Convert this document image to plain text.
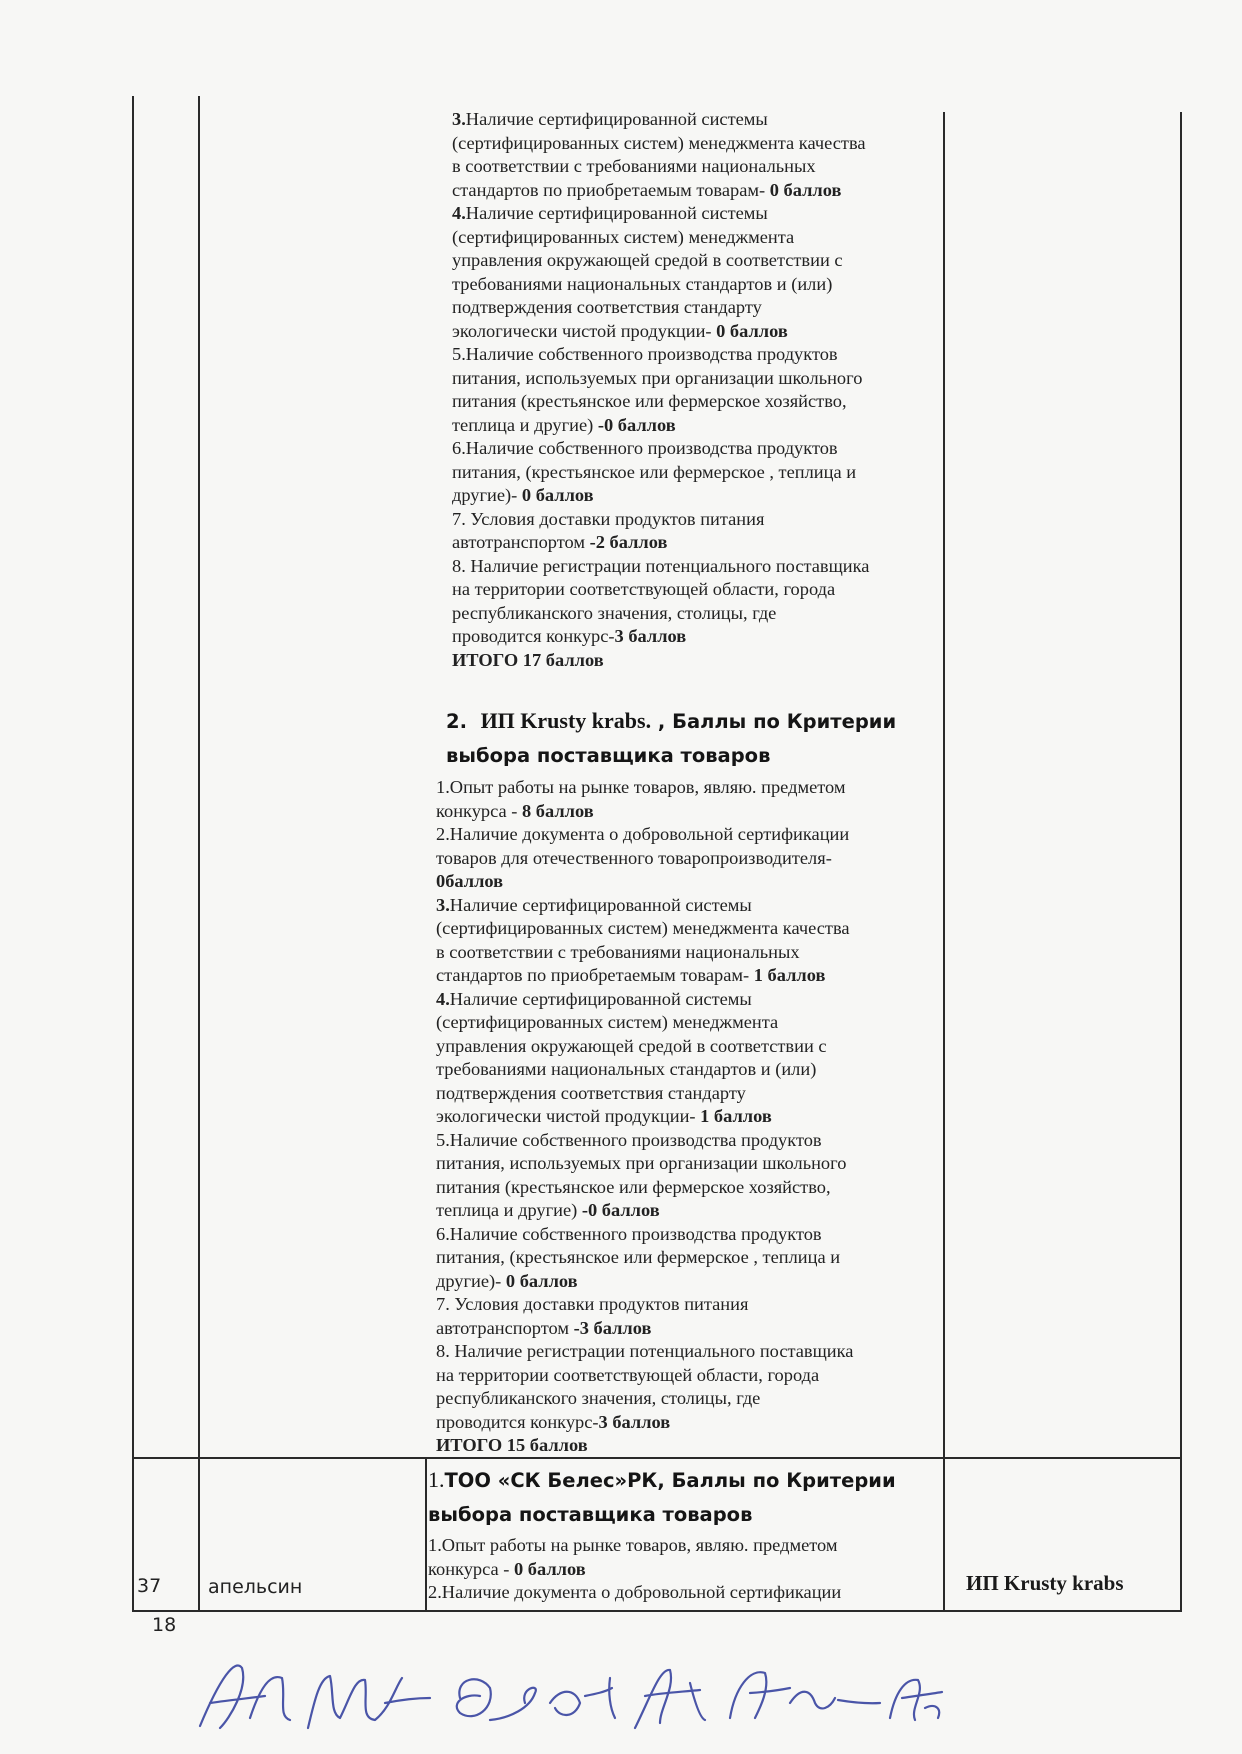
3.Наличие сертифицированной системы
(сертифицированных систем) менеджмента качества
в соответствии с требованиями национальных
стандартов по приобретаемым товарам- 0 баллов
4.Наличие сертифицированной системы
(сертифицированных систем) менеджмента
управления окружающей средой в соответствии с
требованиями национальных стандартов и (или)
подтверждения соответствия стандарту
экологически чистой продукции- 0 баллов
5.Наличие собственного производства продуктов
питания, используемых при организации школьного
питания (крестьянское или фермерское хозяйство,
теплица и другие) -0 баллов
6.Наличие собственного производства продуктов
питания, (крестьянское или фермерское , теплица и
другие)- 0 баллов
7. Условия доставки продуктов питания
автотранспортом -2 баллов
8. Наличие регистрации потенциального поставщика
на территории соответствующей области, города
республиканского значения, столицы, где
проводится конкурс-3 баллов
ИТОГО 17 баллов
2. ИП Krusty krabs. , Баллы по Критерии
выбора поставщика товаров
1.Опыт работы на рынке товаров, являю. предметом
конкурса - 8 баллов
2.Наличие документа о добровольной сертификации
товаров для отечественного товаропроизводителя-
0баллов
3.Наличие сертифицированной системы
(сертифицированных систем) менеджмента качества
в соответствии с требованиями национальных
стандартов по приобретаемым товарам- 1 баллов
4.Наличие сертифицированной системы
(сертифицированных систем) менеджмента
управления окружающей средой в соответствии с
требованиями национальных стандартов и (или)
подтверждения соответствия стандарту
экологически чистой продукции- 1 баллов
5.Наличие собственного производства продуктов
питания, используемых при организации школьного
питания (крестьянское или фермерское хозяйство,
теплица и другие) -0 баллов
6.Наличие собственного производства продуктов
питания, (крестьянское или фермерское , теплица и
другие)- 0 баллов
7. Условия доставки продуктов питания
автотранспортом -3 баллов
8. Наличие регистрации потенциального поставщика
на территории соответствующей области, города
республиканского значения, столицы, где
проводится конкурс-3 баллов
ИТОГО 15 баллов
37 апельсин	ИП Krusty krabs
1.ТОО «СК Белес»РК, Баллы по Критерии
выбора поставщика товаров
1.Опыт работы на рынке товаров, являю. предметом
конкурса - 0 баллов
2.Наличие документа о добровольной сертификации
18
